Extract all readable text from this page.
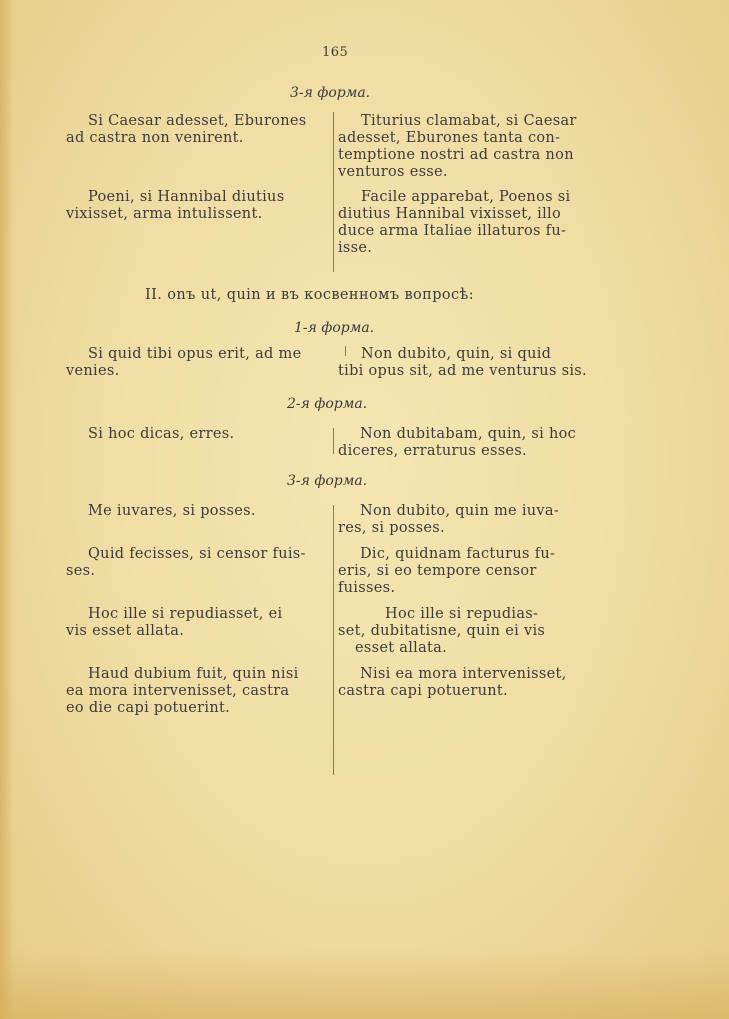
165
3-я форма.
Si Caesar adesset, Eburones
ad castra non venirent.
Titurius clamabat, si Caesar
adesset, Eburones tanta con-
temptione nostri ad castra non
venturos esse.
Poeni, si Hannibal diutius
vixisset, arma intulissent.
Facile apparebat, Poenos si
diutius Hannibal vixisset, illo
duce arma Italiae illaturos fu-
isse.
II. onъ ut, quin и въ косвенномъ вопросѣ:
1-я форма.
Si quid tibi opus erit, ad me
venies.
Non dubito, quin, si quid
tibi opus sit, ad me venturus sis.
2-я форма.
Si hoc dicas, erres.	Non dubitabam, quin, si hoc
diceres, erraturus esses.
3-я форма.
Me iuvares, si posses.	Non dubito, quin me iuva-
res, si posses.
Quid fecisses, si censor fuis-
ses.
Dic, quidnam facturus fu-
eris, si eo tempore censor
fuisses.
Hoc ille si repudiasset, ei
vis esset allata.
Hoc ille si repudias-
set, dubitatisne, quin ei vis
esset allata.
Haud dubium fuit, quin nisi
ea mora intervenisset, castra
eo die capi potuerint.
Nisi ea mora intervenisset,
castra capi potuerunt.
